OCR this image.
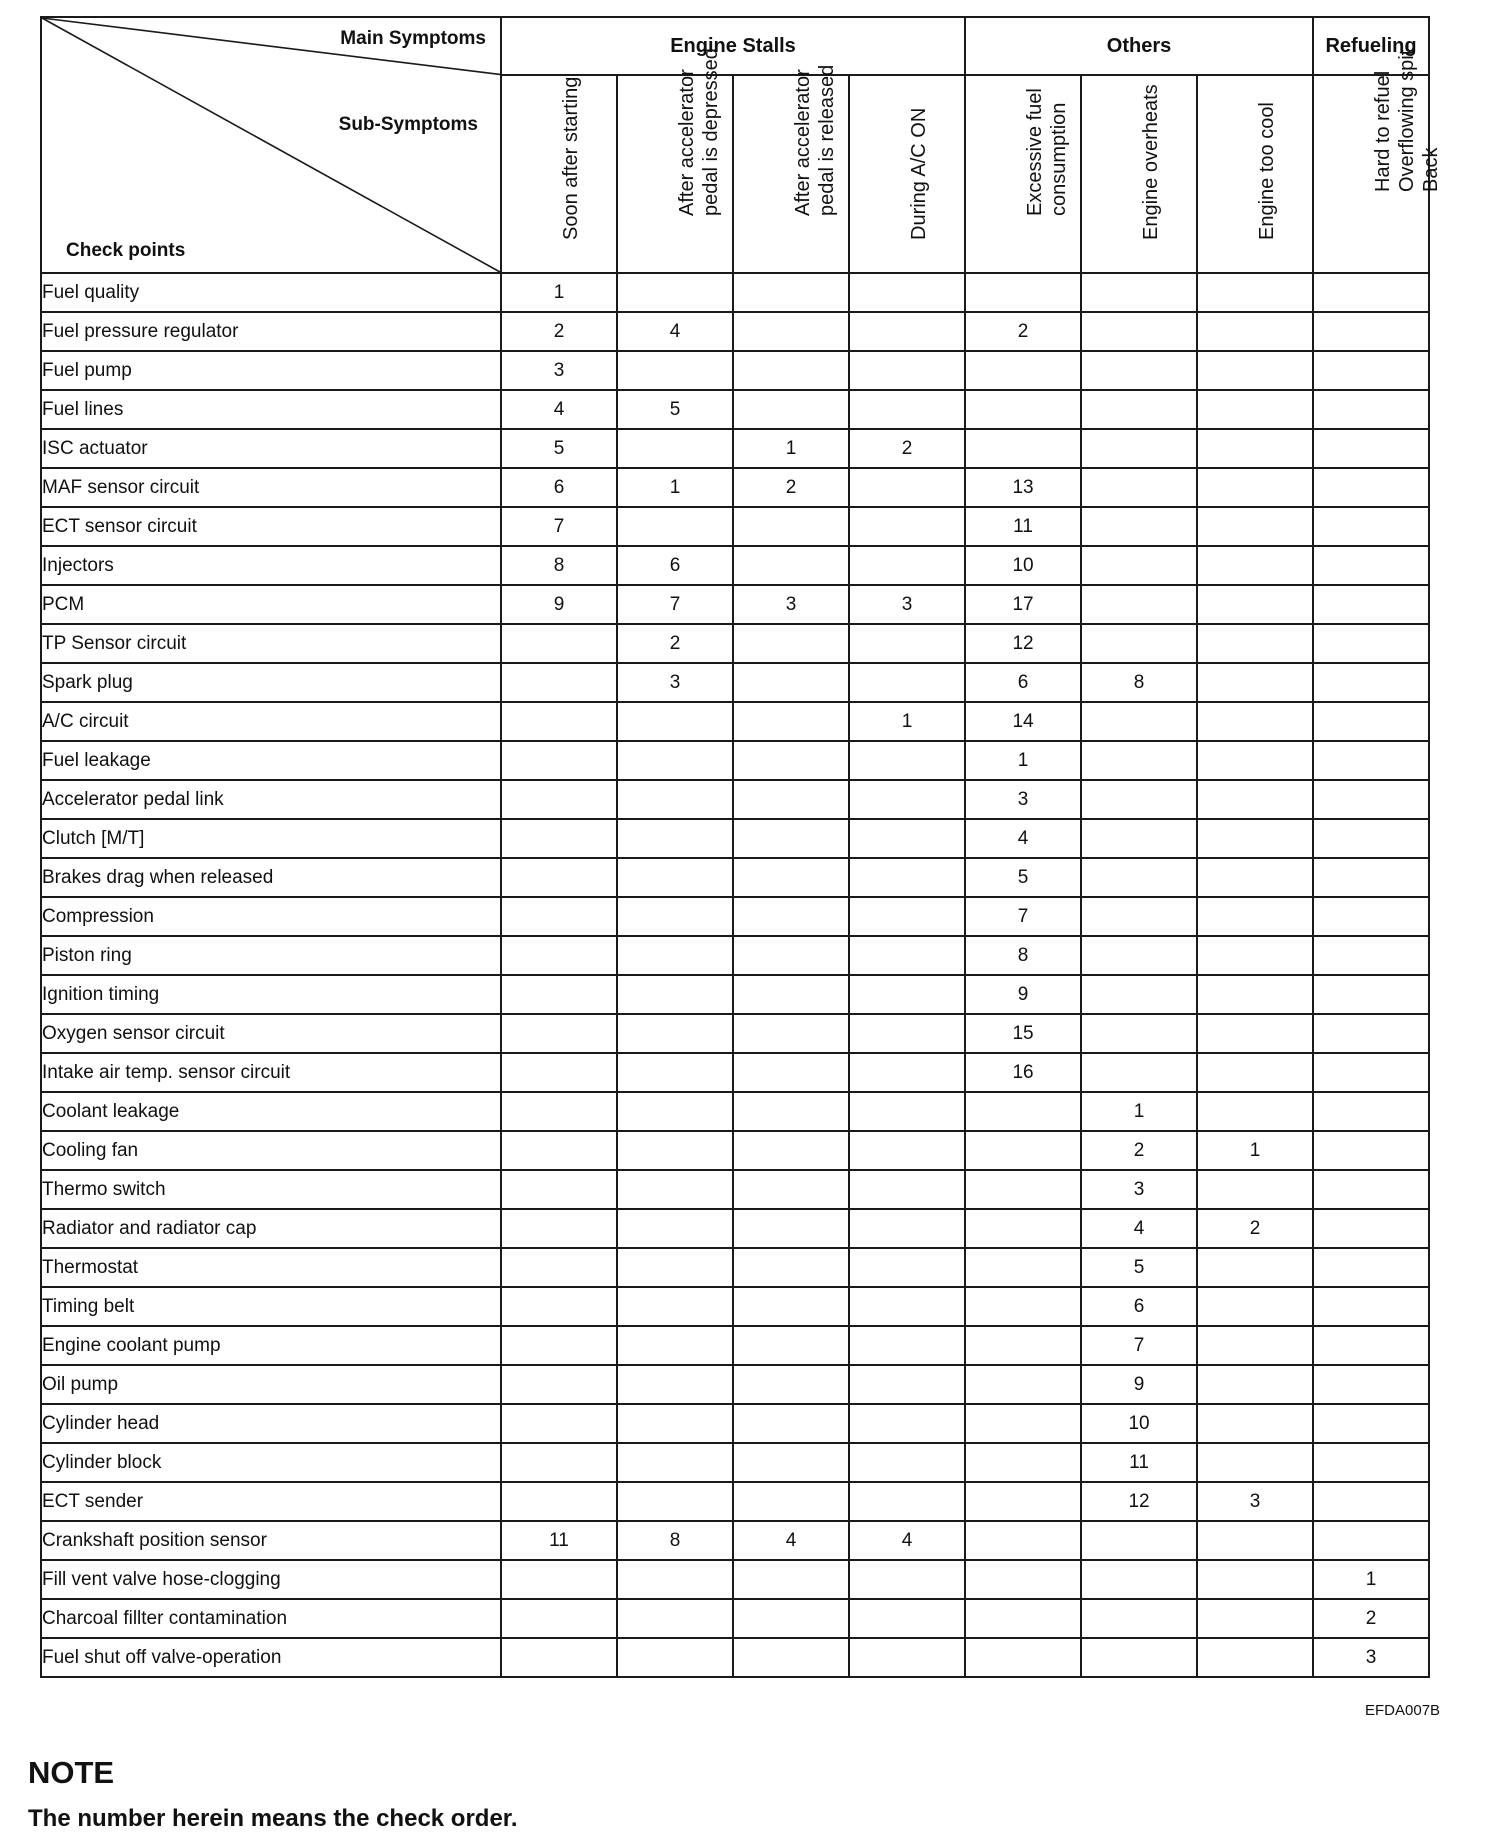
Main Symptoms
Sub-Symptoms
Check points	Engine Stalls				Others			Refueling

	Soon after starting	After accelerator pedal is depressed	After accelerator pedal is released	During A/C ON	Excessive fuel consumption	Engine overheats	Engine too cool	Hard to refuel Overflowing spit-Back

Fuel quality	1							
Fuel pressure regulator	2	4			2			
Fuel pump	3							
Fuel lines	4	5						
ISC actuator	5		1	2				
MAF sensor circuit	6	1	2		13			
ECT sensor circuit	7				11			
Injectors	8	6			10			
PCM	9	7	3	3	17			
TP Sensor circuit		2			12			
Spark plug		3			6	8		
A/C circuit				1	14			
Fuel leakage					1			
Accelerator pedal link					3			
Clutch [M/T]					4			
Brakes drag when released					5			
Compression					7			
Piston ring					8			
Ignition timing					9			
Oxygen sensor circuit					15			
Intake air temp. sensor circuit					16			
Coolant leakage						1		
Cooling fan						2	1	
Thermo switch						3		
Radiator and radiator cap						4	2	
Thermostat						5		
Timing belt						6		
Engine coolant pump						7		
Oil pump						9		
Cylinder head						10		
Cylinder block						11		
ECT sender						12	3	
Crankshaft position sensor	11	8	4	4				
Fill vent valve hose-clogging								1
Charcoal fillter contamination								2
Fuel shut off valve-operation								3
EFDA007B
NOTE
The number herein means the check order.
